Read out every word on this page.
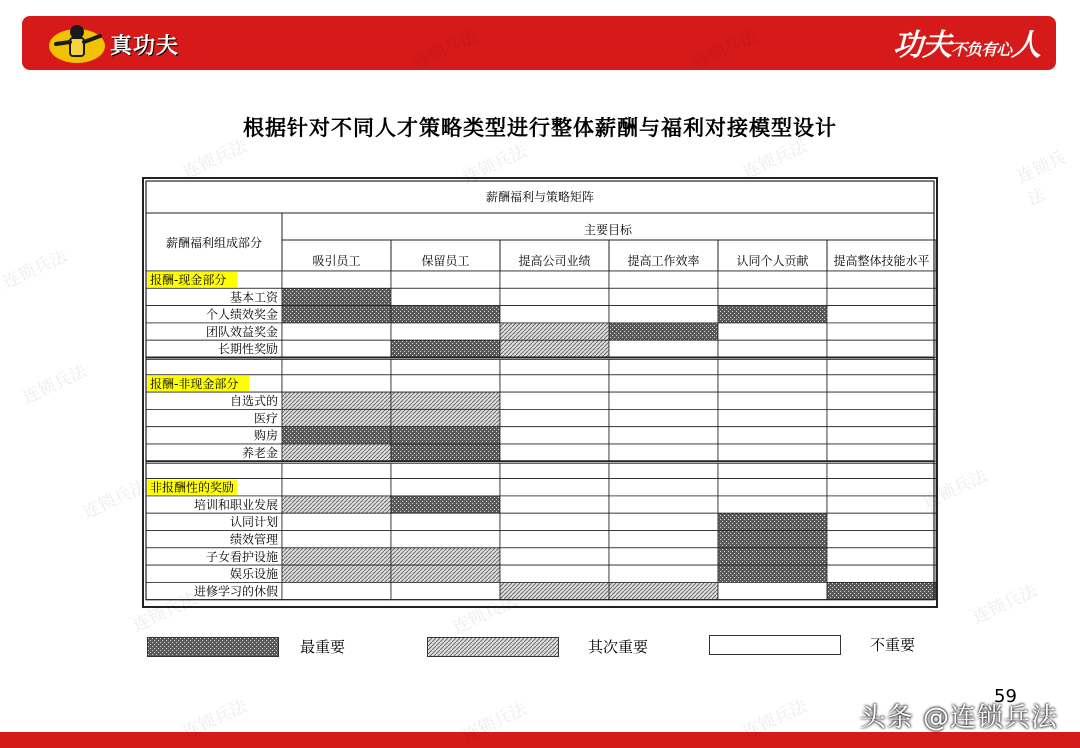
真功夫	功夫不负有心人
根据针对不同人才策略类型进行整体薪酬与福利对接模型设计
薪酬福利与策略矩阵
薪酬福利组成部分
主要目标
吸引员工	保留员工	提高公司业绩	提高工作效率	认同个人贡献 提高整体技能水平
报酬-现金部分
基本工资
个人绩效奖金
团队效益奖金
长期性奖励
报酬-非现金部分
自选式的
医疗
购房
养老金
非报酬性的奖励
培训和职业发展
认同计划
绩效管理
子女看护设施
娱乐设施
进修学习的休假
最重要	其次重要	不重要
59
头条 @连锁兵法
连锁兵法	连锁兵法	连锁兵法	连锁兵法
连锁兵法
连锁兵法	连锁兵法
连锁兵法
连锁兵法	连锁兵法
连锁兵法	连锁兵法	连锁兵法
连锁兵法
